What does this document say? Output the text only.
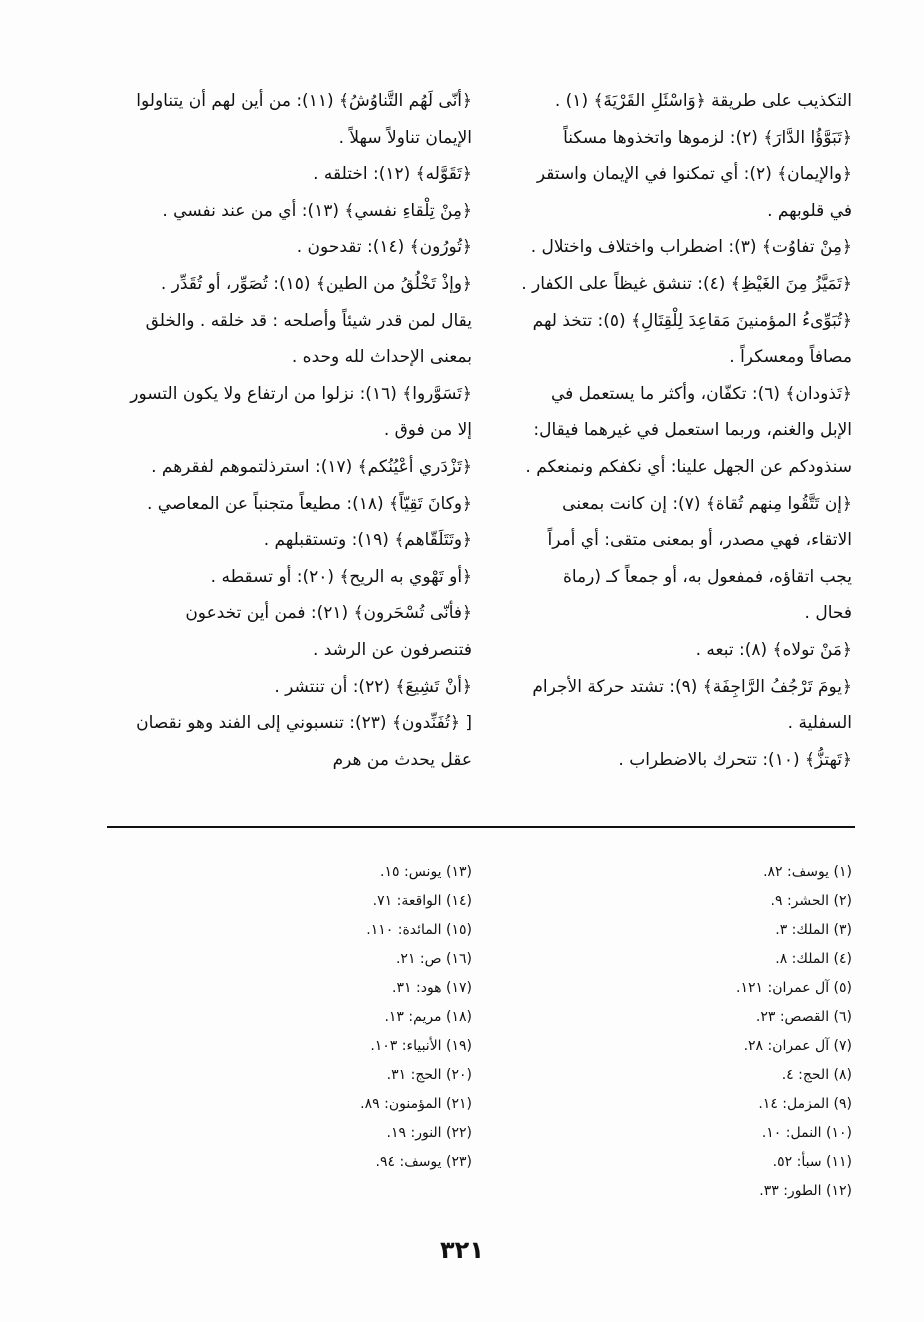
التكذيب على طريقة ﴿وَاسْئَلِ القَرْيَةَ﴾ (١) .
﴿تَبَوَّؤُا الدَّارَ﴾ (٢): لزموها واتخذوها مسكناً
﴿والإيمان﴾ (٢): أي تمكنوا في الإيمان واستقر
في قلوبهم .
﴿مِنْ تفاوُت﴾ (٣): اضطراب واختلاف واختلال .
﴿تَمَيَّزُ مِنَ الغَيْظِ﴾ (٤): تنشق غيظاً على الكفار .
﴿تُبَوِّىءُ المؤمنينَ مَقاعِدَ لِلْقِتَالِ﴾ (٥): تتخذ لهم
مصافاً ومعسكراً .
﴿تَذودان﴾ (٦): تكفّان، وأكثر ما يستعمل في
الإبل والغنم، وربما استعمل في غيرهما فيقال:
سنذودكم عن الجهل علينا: أي نكفكم ونمنعكم .
﴿إن تَتَّقُوا مِنهم تُقاة﴾ (٧): إن كانت بمعنى
الاتقاء، فهي مصدر، أو بمعنى متقى: أي أمراً
يجب اتقاؤه، فمفعول به، أو جمعاً كـ (رماة
فحال .
﴿مَنْ تولاه﴾ (٨): تبعه .
﴿يومَ تَرْجُفُ الرَّاجِفَة﴾ (٩): تشتد حركة الأجرام
السفلية .
﴿تَهتزُّ﴾ (١٠): تتحرك بالاضطراب .
﴿أنّى لَهُم التَّناوُشُ﴾ (١١): من أين لهم أن يتناولوا
الإيمان تناولاً سهلاً .
﴿تَقَوَّله﴾ (١٢): اختلقه .
﴿مِنْ تِلْقاءِ نفسي﴾ (١٣): أي من عند نفسي .
﴿تُورُون﴾ (١٤): تقدحون .
﴿وإذْ تَخْلُقُ من الطين﴾ (١٥): تُصَوِّر، أو تُقَدِّر .
يقال لمن قدر شيئاً وأصلحه : قد خلقه . والخلق
بمعنى الإحداث لله وحده .
﴿تَسَوَّروا﴾ (١٦): نزلوا من ارتفاع ولا يكون التسور
إلا من فوق .
﴿تَزْدَري أعْيُنُكم﴾ (١٧): استرذلتموهم لفقرهم .
﴿وكانَ تَقِيّاً﴾ (١٨): مطيعاً متجنباً عن المعاصي .
﴿وتَتَلَقّاهم﴾ (١٩): وتستقبلهم .
﴿أو تَهْوي به الريح﴾ (٢٠): أو تسقطه .
﴿فأنّى تُسْحَرون﴾ (٢١): فمن أين تخدعون
فتنصرفون عن الرشد .
﴿أنْ تَشِيعَ﴾ (٢٢): أن تنتشر .
[ ﴿تُفَنِّدون﴾ (٢٣): تنسبوني إلى الفند وهو نقصان
عقل يحدث من هرم
(١) يوسف: ٨٢.
(٢) الحشر: ٩.
(٣) الملك: ٣.
(٤) الملك: ٨.
(٥) آل عمران: ١٢١.
(٦) القصص: ٢٣.
(٧) آل عمران: ٢٨.
(٨) الحج: ٤.
(٩) المزمل: ١٤.
(١٠) النمل: ١٠.
(١١) سبأ: ٥٢.
(١٢) الطور: ٣٣.
(١٣) يونس: ١٥.
(١٤) الواقعة: ٧١.
(١٥) المائدة: ١١٠.
(١٦) ص: ٢١.
(١٧) هود: ٣١.
(١٨) مريم: ١٣.
(١٩) الأنبياء: ١٠٣.
(٢٠) الحج: ٣١.
(٢١) المؤمنون: ٨٩.
(٢٢) النور: ١٩.
(٢٣) يوسف: ٩٤.
٣٢١
